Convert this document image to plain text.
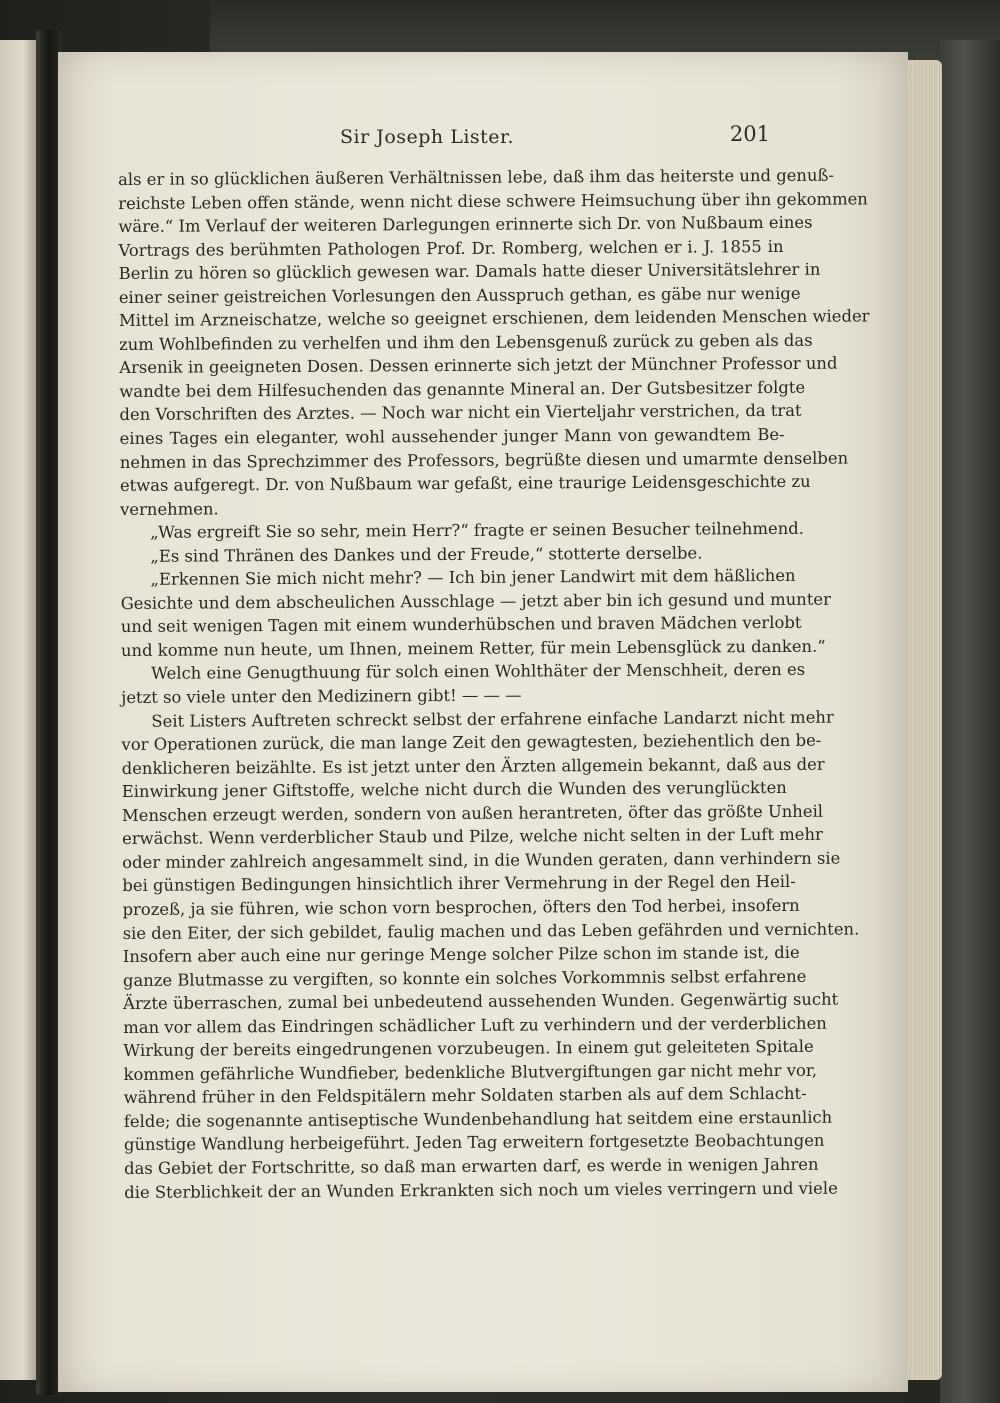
Sir Joseph Lister.	201
als er in so glücklichen äußeren Verhältnissen lebe, daß ihm das heiterste und genuß-
reichste Leben offen stände, wenn nicht diese schwere Heimsuchung über ihn gekommen
wäre.“ Im Verlauf der weiteren Darlegungen erinnerte sich Dr. von Nußbaum eines
Vortrags des berühmten Pathologen Prof. Dr. Romberg, welchen er i. J. 1855 in
Berlin zu hören so glücklich gewesen war. Damals hatte dieser Universitätslehrer in
einer seiner geistreichen Vorlesungen den Ausspruch gethan, es gäbe nur wenige
Mittel im Arzneischatze, welche so geeignet erschienen, dem leidenden Menschen wieder
zum Wohlbefinden zu verhelfen und ihm den Lebensgenuß zurück zu geben als das
Arsenik in geeigneten Dosen. Dessen erinnerte sich jetzt der Münchner Professor und
wandte bei dem Hilfesuchenden das genannte Mineral an. Der Gutsbesitzer folgte
den Vorschriften des Arztes. — Noch war nicht ein Vierteljahr verstrichen, da trat
eines Tages ein eleganter, wohl aussehender junger Mann von gewandtem Be-
nehmen in das Sprechzimmer des Professors, begrüßte diesen und umarmte denselben
etwas aufgeregt. Dr. von Nußbaum war gefaßt, eine traurige Leidensgeschichte zu
vernehmen.
„Was ergreift Sie so sehr, mein Herr?“ fragte er seinen Besucher teilnehmend.
„Es sind Thränen des Dankes und der Freude,“ stotterte derselbe.
„Erkennen Sie mich nicht mehr? — Ich bin jener Landwirt mit dem häßlichen
Gesichte und dem abscheulichen Ausschlage — jetzt aber bin ich gesund und munter
und seit wenigen Tagen mit einem wunderhübschen und braven Mädchen verlobt
und komme nun heute, um Ihnen, meinem Retter, für mein Lebensglück zu danken.“
Welch eine Genugthuung für solch einen Wohlthäter der Menschheit, deren es
jetzt so viele unter den Medizinern gibt! — — —
Seit Listers Auftreten schreckt selbst der erfahrene einfache Landarzt nicht mehr
vor Operationen zurück, die man lange Zeit den gewagtesten, beziehentlich den be-
denklicheren beizählte. Es ist jetzt unter den Ärzten allgemein bekannt, daß aus der
Einwirkung jener Giftstoffe, welche nicht durch die Wunden des verunglückten
Menschen erzeugt werden, sondern von außen herantreten, öfter das größte Unheil
erwächst. Wenn verderblicher Staub und Pilze, welche nicht selten in der Luft mehr
oder minder zahlreich angesammelt sind, in die Wunden geraten, dann verhindern sie
bei günstigen Bedingungen hinsichtlich ihrer Vermehrung in der Regel den Heil-
prozeß, ja sie führen, wie schon vorn besprochen, öfters den Tod herbei, insofern
sie den Eiter, der sich gebildet, faulig machen und das Leben gefährden und vernichten.
Insofern aber auch eine nur geringe Menge solcher Pilze schon im stande ist, die
ganze Blutmasse zu vergiften, so konnte ein solches Vorkommnis selbst erfahrene
Ärzte überraschen, zumal bei unbedeutend aussehenden Wunden. Gegenwärtig sucht
man vor allem das Eindringen schädlicher Luft zu verhindern und der verderblichen
Wirkung der bereits eingedrungenen vorzubeugen. In einem gut geleiteten Spitale
kommen gefährliche Wundfieber, bedenkliche Blutvergiftungen gar nicht mehr vor,
während früher in den Feldspitälern mehr Soldaten starben als auf dem Schlacht-
felde; die sogenannte antiseptische Wundenbehandlung hat seitdem eine erstaunlich
günstige Wandlung herbeigeführt. Jeden Tag erweitern fortgesetzte Beobachtungen
das Gebiet der Fortschritte, so daß man erwarten darf, es werde in wenigen Jahren
die Sterblichkeit der an Wunden Erkrankten sich noch um vieles verringern und viele
